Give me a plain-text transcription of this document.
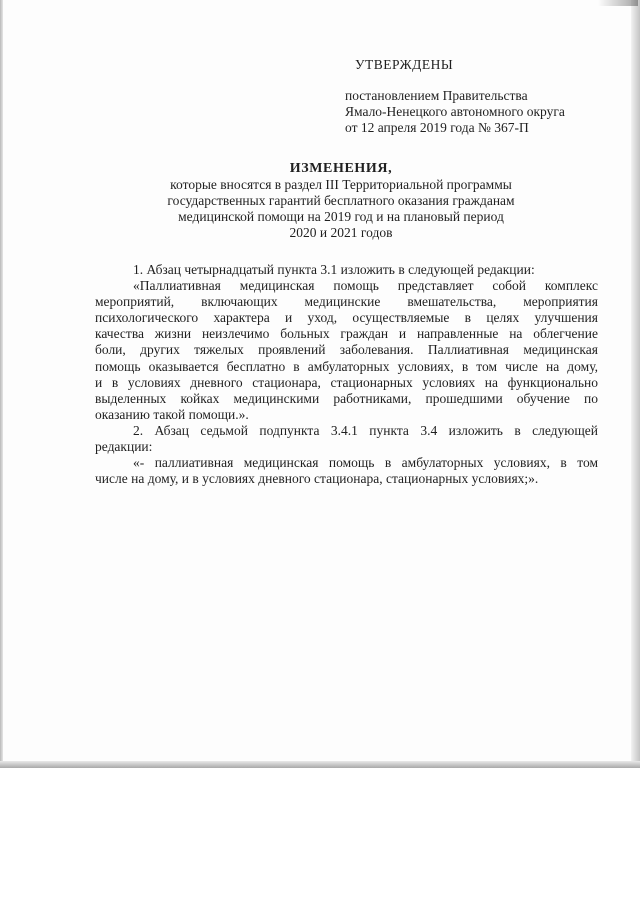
УТВЕРЖДЕНЫ
постановлением Правительства
Ямало-Ненецкого автономного округа
от 12 апреля 2019 года № 367-П
ИЗМЕНЕНИЯ,
которые вносятся в раздел III Территориальной программы
государственных гарантий бесплатного оказания гражданам
медицинской помощи на 2019 год и на плановый период
2020 и 2021 годов
1. Абзац четырнадцатый пункта 3.1 изложить в следующей редакции:
«Паллиативная медицинская помощь представляет собой комплекс
мероприятий, включающих медицинские вмешательства, мероприятия
психологического характера и уход, осуществляемые в целях улучшения
качества жизни неизлечимо больных граждан и направленные на облегчение
боли, других тяжелых проявлений заболевания. Паллиативная медицинская
помощь оказывается бесплатно в амбулаторных условиях, в том числе на дому,
и в условиях дневного стационара, стационарных условиях на функционально
выделенных койках медицинскими работниками, прошедшими обучение по
оказанию такой помощи.».
2. Абзац седьмой подпункта 3.4.1 пункта 3.4 изложить в следующей
редакции:
«- паллиативная медицинская помощь в амбулаторных условиях, в том
числе на дому, и в условиях дневного стационара, стационарных условиях;».
